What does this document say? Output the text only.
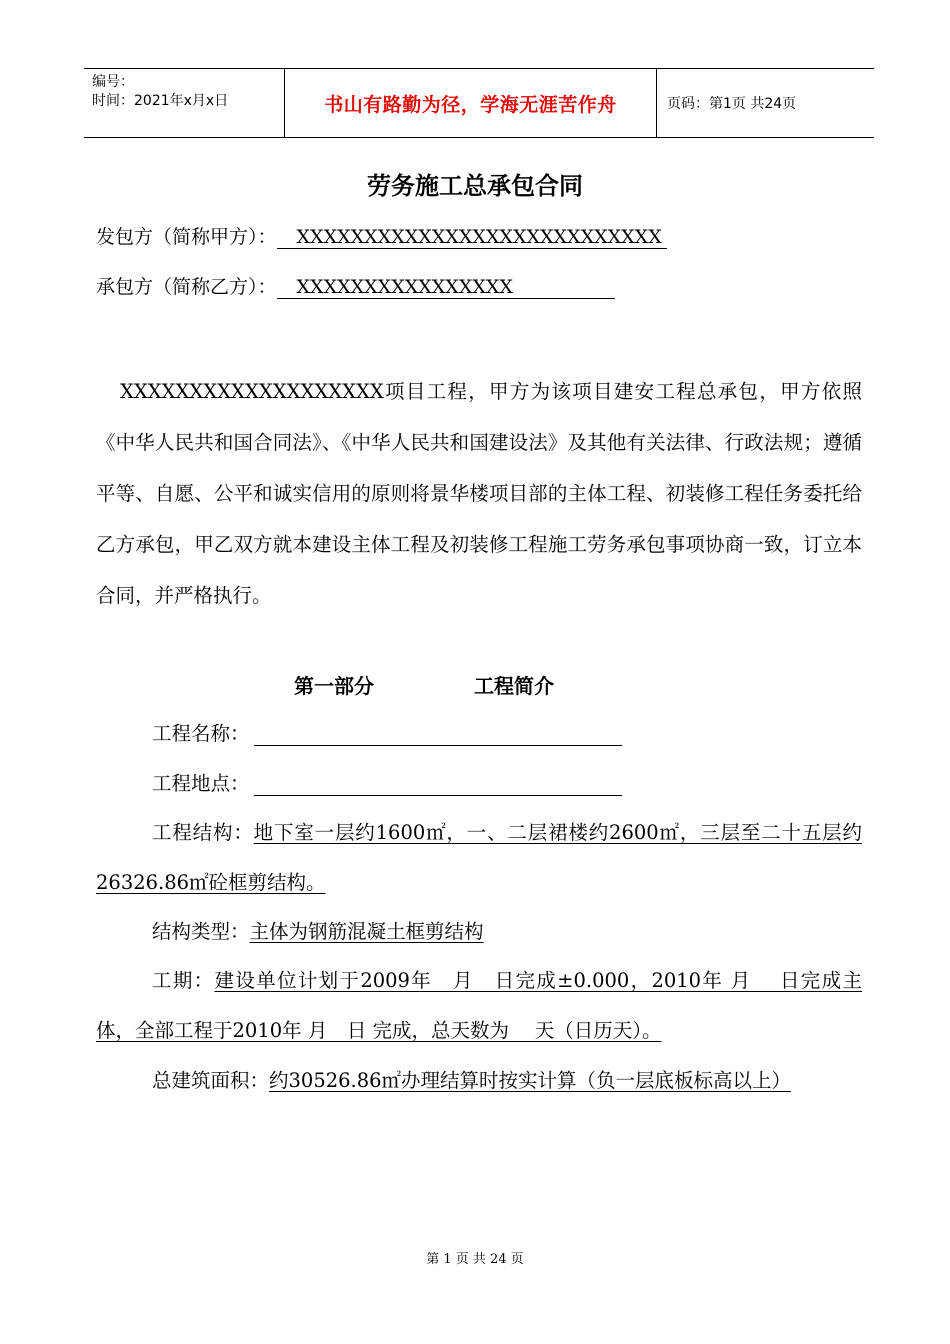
编号：
时间：2021年x月x日	书山有路勤为径，学海无涯苦作舟	页码：第1页 共24页
劳务施工总承包合同
发包方（简称甲方）： XXXXXXXXXXXXXXXXXXXXXXXXXXX
承包方（简称乙方）： XXXXXXXXXXXXXXXX
XXXXXXXXXXXXXXXXXXX项目工程，甲方为该项目建安工程总承包，甲方依照《中华人民共和国合同法》、《中华人民共和国建设法》及其他有关法律、行政法规；遵循平等、自愿、公平和诚实信用的原则将景华楼项目部的主体工程、初装修工程任务委托给乙方承包，甲乙双方就本建设主体工程及初装修工程施工劳务承包事项协商一致，订立本合同，并严格执行。
第一部分	工程简介
工程名称：
工程地点：
工程结构：地下室一层约1600㎡，一、二层裙楼约2600㎡，三层至二十五层约26326.86㎡砼框剪结构。
结构类型：主体为钢筋混凝土框剪结构
工期：建设单位计划于2009年　月　日完成±0.000，2010年 月　 日完成主体，全部工程于2010年 月　日 完成，总天数为　 天（日历天）。
总建筑面积：约30526.86㎡办理结算时按实计算（负一层底板标高以上）
第 1 页 共 24 页
